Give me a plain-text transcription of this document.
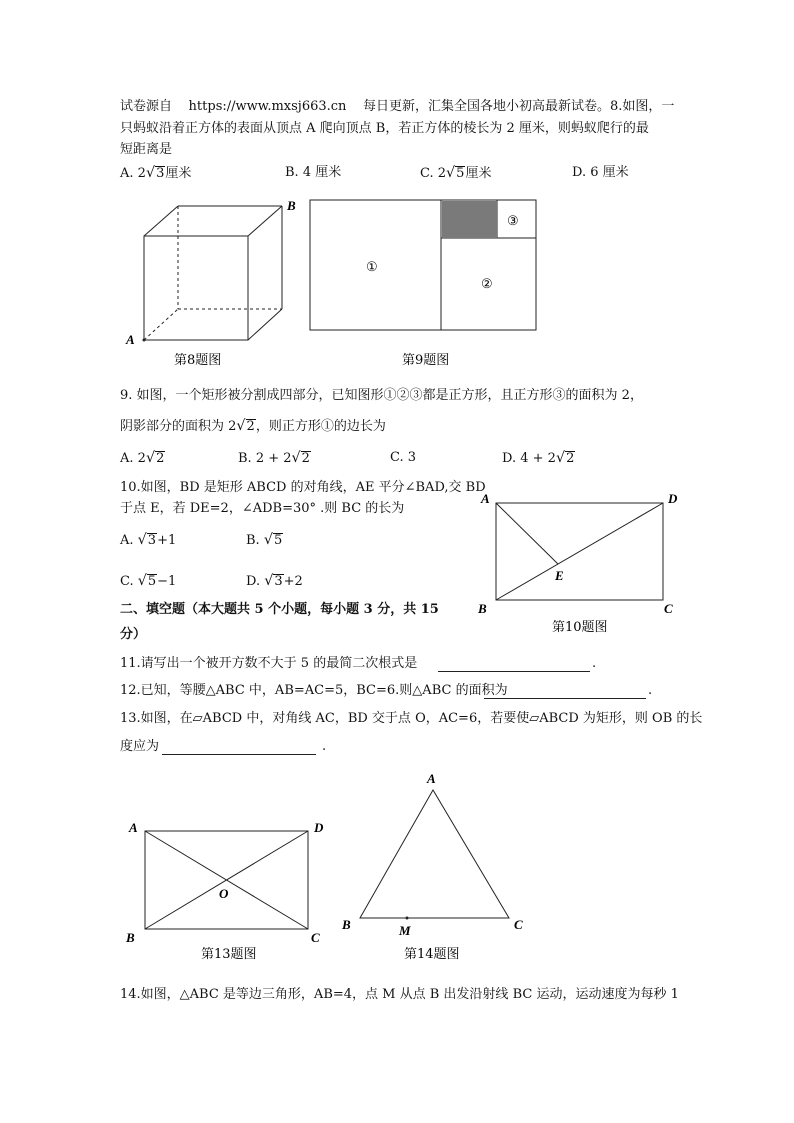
试卷源自 https://www.mxsj663.cn 每日更新，汇集全国各地小初高最新试卷。8.如图，一
只蚂蚁沿着正方体的表面从顶点 A 爬向顶点 B，若正方体的棱长为 2 厘米，则蚂蚁爬行的最
短距离是
A. 2√3厘米	B. 4 厘米	C. 2√5厘米	D. 6 厘米
A
B
第8题图
①
②
③
第9题图
9. 如图，一个矩形被分割成四部分，已知图形①②③都是正方形，且正方形③的面积为 2，
阴影部分的面积为 2√2，则正方形①的边长为
A. 2√2	B. 2 + 2√2	C. 3	D. 4 + 2√2
10.如图，BD 是矩形 ABCD 的对角线，AE 平分∠BAD,交 BD
于点 E，若 DE=2，∠ADB=30° .则 BC 的长为
A. √3+1	B. √5
C. √5−1	D. √3+2
A	D
B	C
E
第10题图
二、填空题（本大题共 5 个小题，每小题 3 分，共 15
分）
11.请写出一个被开方数不大于 5 的最简二次根式是	.
12.已知，等腰△ABC 中，AB=AC=5，BC=6.则△ABC 的面积为	.
13.如图，在▱ABCD 中，对角线 AC，BD 交于点 O，AC=6，若要使▱ABCD 为矩形，则 OB 的长
度应为	.
A	D
B	C
O
第13题图
A
B	C
M
第14题图
14.如图，△ABC 是等边三角形，AB=4，点 M 从点 B 出发沿射线 BC 运动，运动速度为每秒 1
